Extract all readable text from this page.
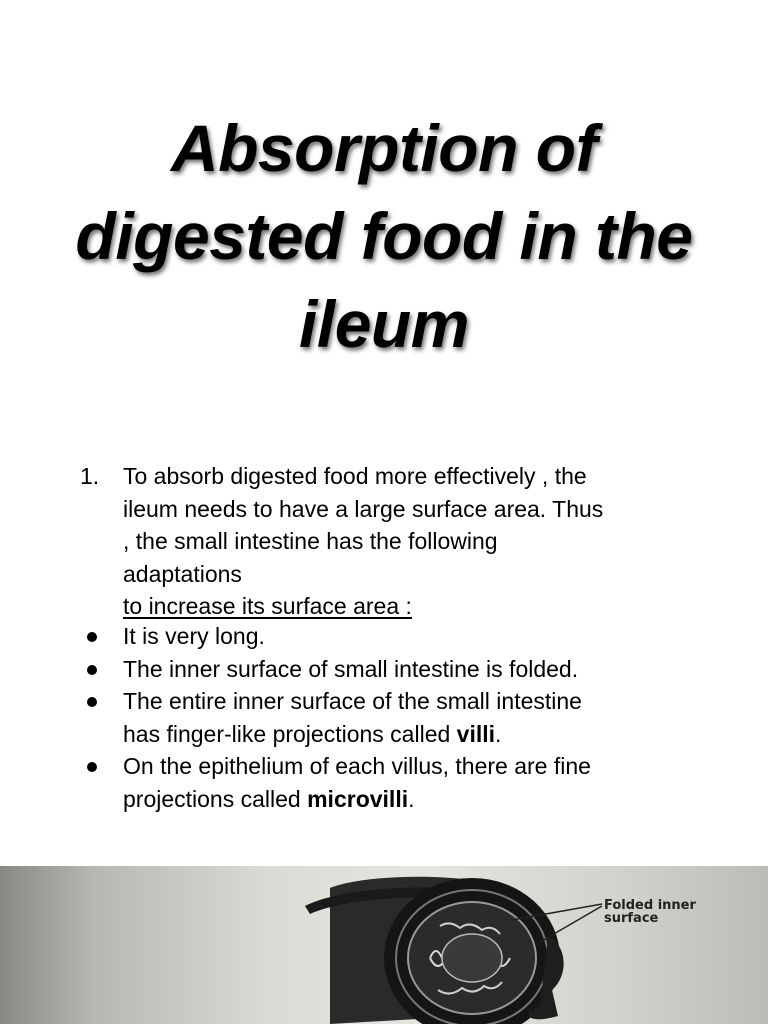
Absorption of
digested food in the
ileum
1. To absorb digested food more effectively , the
ileum needs to have a large surface area. Thus
, the small intestine has the following
adaptations
to increase its surface area :
It is very long.
The inner surface of small intestine is folded.
The entire inner surface of the small intestine
has finger-like projections called villi.
On the epithelium of each villus, there are fine
projections called microvilli.
Folded inner
surface
(a)
